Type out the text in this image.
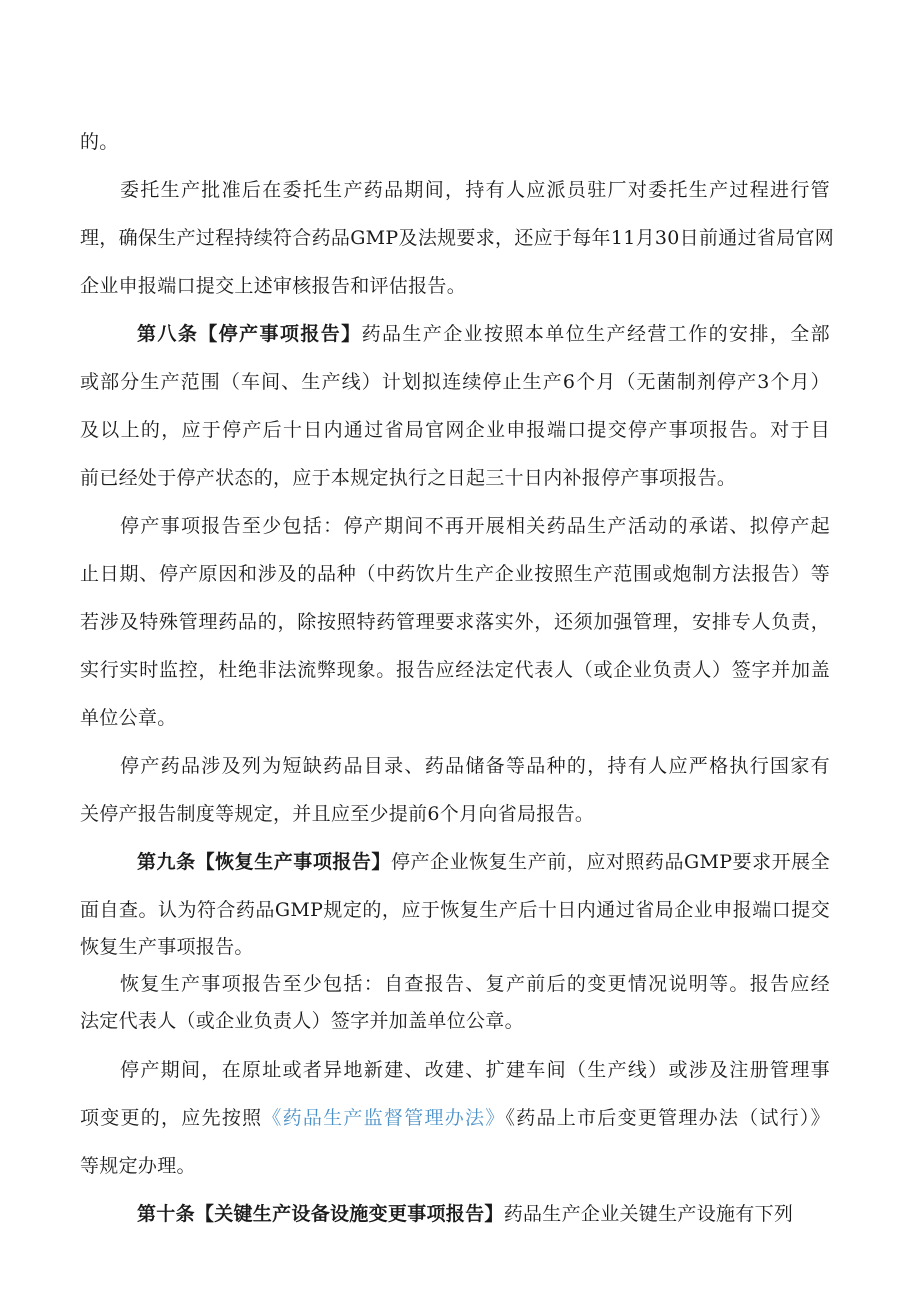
的。
委托生产批准后在委托生产药品期间，持有人应派员驻厂对委托生产过程进行管
理，确保生产过程持续符合药品GMP及法规要求，还应于每年11月30日前通过省局官网
企业申报端口提交上述审核报告和评估报告。
第八条【停产事项报告】药品生产企业按照本单位生产经营工作的安排，全部
或部分生产范围（车间、生产线）计划拟连续停止生产6个月（无菌制剂停产3个月）
及以上的，应于停产后十日内通过省局官网企业申报端口提交停产事项报告。对于目
前已经处于停产状态的，应于本规定执行之日起三十日内补报停产事项报告。
停产事项报告至少包括：停产期间不再开展相关药品生产活动的承诺、拟停产起
止日期、停产原因和涉及的品种（中药饮片生产企业按照生产范围或炮制方法报告）等
若涉及特殊管理药品的，除按照特药管理要求落实外，还须加强管理，安排专人负责，
实行实时监控，杜绝非法流弊现象。报告应经法定代表人（或企业负责人）签字并加盖
单位公章。
停产药品涉及列为短缺药品目录、药品储备等品种的，持有人应严格执行国家有
关停产报告制度等规定，并且应至少提前6个月向省局报告。
第九条【恢复生产事项报告】停产企业恢复生产前，应对照药品GMP要求开展全
面自查。认为符合药品GMP规定的，应于恢复生产后十日内通过省局企业申报端口提交
恢复生产事项报告。
恢复生产事项报告至少包括：自查报告、复产前后的变更情况说明等。报告应经
法定代表人（或企业负责人）签字并加盖单位公章。
停产期间，在原址或者异地新建、改建、扩建车间（生产线）或涉及注册管理事
项变更的，应先按照《药品生产监督管理办法》《药品上市后变更管理办法（试行）》
等规定办理。
第十条【关键生产设备设施变更事项报告】药品生产企业关键生产设施有下列
